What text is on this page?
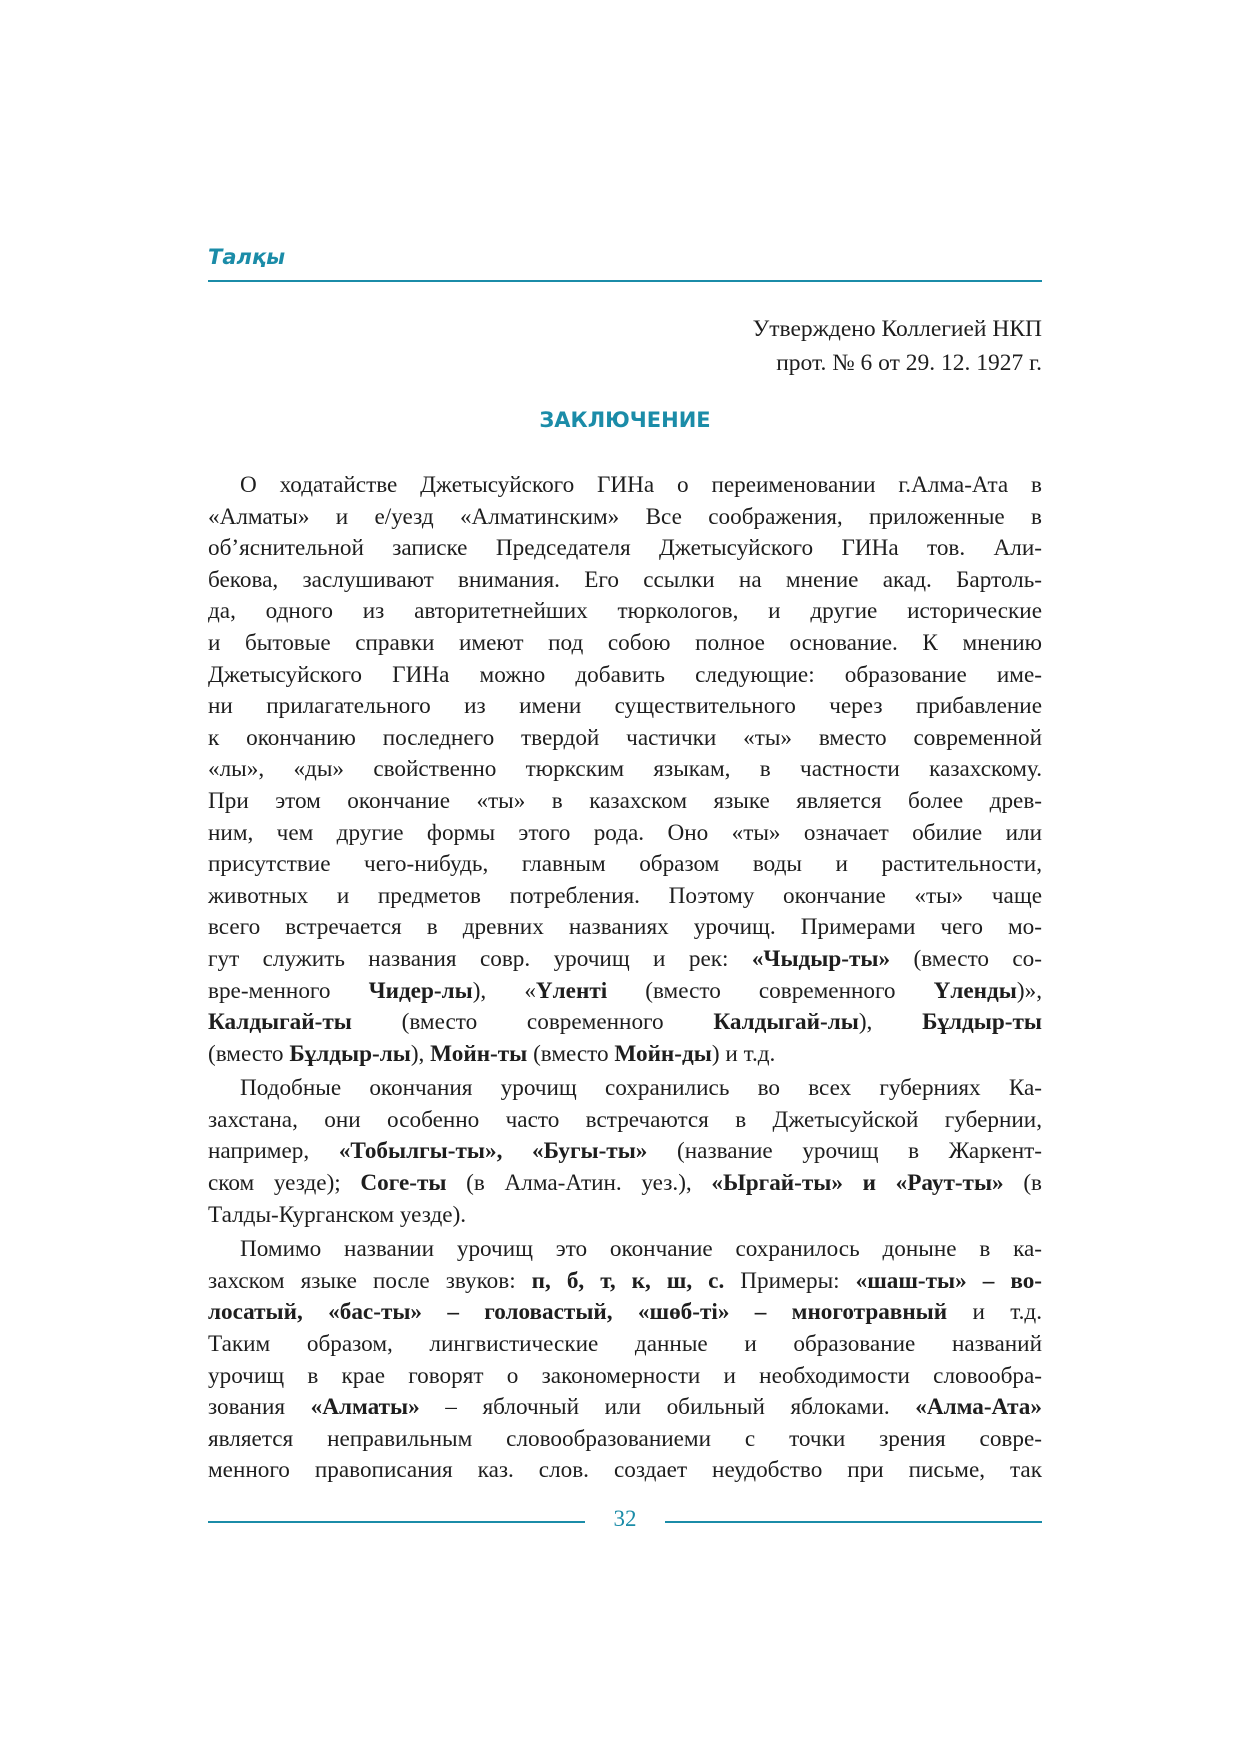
Талқы
Утверждено Коллегией НКП
прот. № 6 от 29. 12. 1927 г.
ЗАКЛЮЧЕНИЕ
О ходатайстве Джетысуйского ГИНа о переименовании г.Алма-Ата в
«Алматы» и е/уезд «Алматинским» Все соображения, приложенные в
об’яснительной записке Председателя Джетысуйского ГИНа тов. Али-
бекова, заслушивают внимания. Его ссылки на мнение акад. Бартоль-
да, одного из авторитетнейших тюркологов, и другие исторические
и бытовые справки имеют под собою полное основание. К мнению
Джетысуйского ГИНа можно добавить следующие: образование име-
ни прилагательного из имени существительного через прибавление
к окончанию последнего твердой частички «ты» вместо современной
«лы», «ды» свойственно тюркским языкам, в частности казахскому.
При этом окончание «ты» в казахском языке является более древ-
ним, чем другие формы этого рода. Оно «ты» означает обилие или
присутствие чего-нибудь, главным образом воды и растительности,
животных и предметов потребления. Поэтому окончание «ты» чаще
всего встречается в древних названиях урочищ. Примерами чего мо-
гут служить названия совр. урочищ и рек: «Чыдыр-ты» (вместо со-
вре-менного Чидер-лы), «Үленті (вместо современного Үленды)»,
Калдыгай-ты (вместо современного Калдыгай-лы), Бұлдыр-ты
(вместо Бұлдыр-лы), Мойн-ты (вместо Мойн-ды) и т.д.
Подобные окончания урочищ сохранились во всех губерниях Ка-
захстана, они особенно часто встречаются в Джетысуйской губернии,
например, «Тобылгы-ты», «Бугы-ты» (название урочищ в Жаркент-
ском уезде); Соге-ты (в Алма-Атин. уез.), «Ыргай-ты» и «Раут-ты» (в
Талды-Курганском уезде).
Помимо названии урочищ это окончание сохранилось доныне в ка-
захском языке после звуков: п, б, т, к, ш, с. Примеры: «шаш-ты» – во-
лосатый, «бас-ты» – головастый, «шөб-ті» – многотравный и т.д.
Таким образом, лингвистические данные и образование названий
урочищ в крае говорят о закономерности и необходимости словообра-
зования «Алматы» – яблочный или обильный яблоками. «Алма-Ата»
является неправильным словообразованиеми с точки зрения совре-
менного правописания каз. слов. создает неудобство при письме, так
32
